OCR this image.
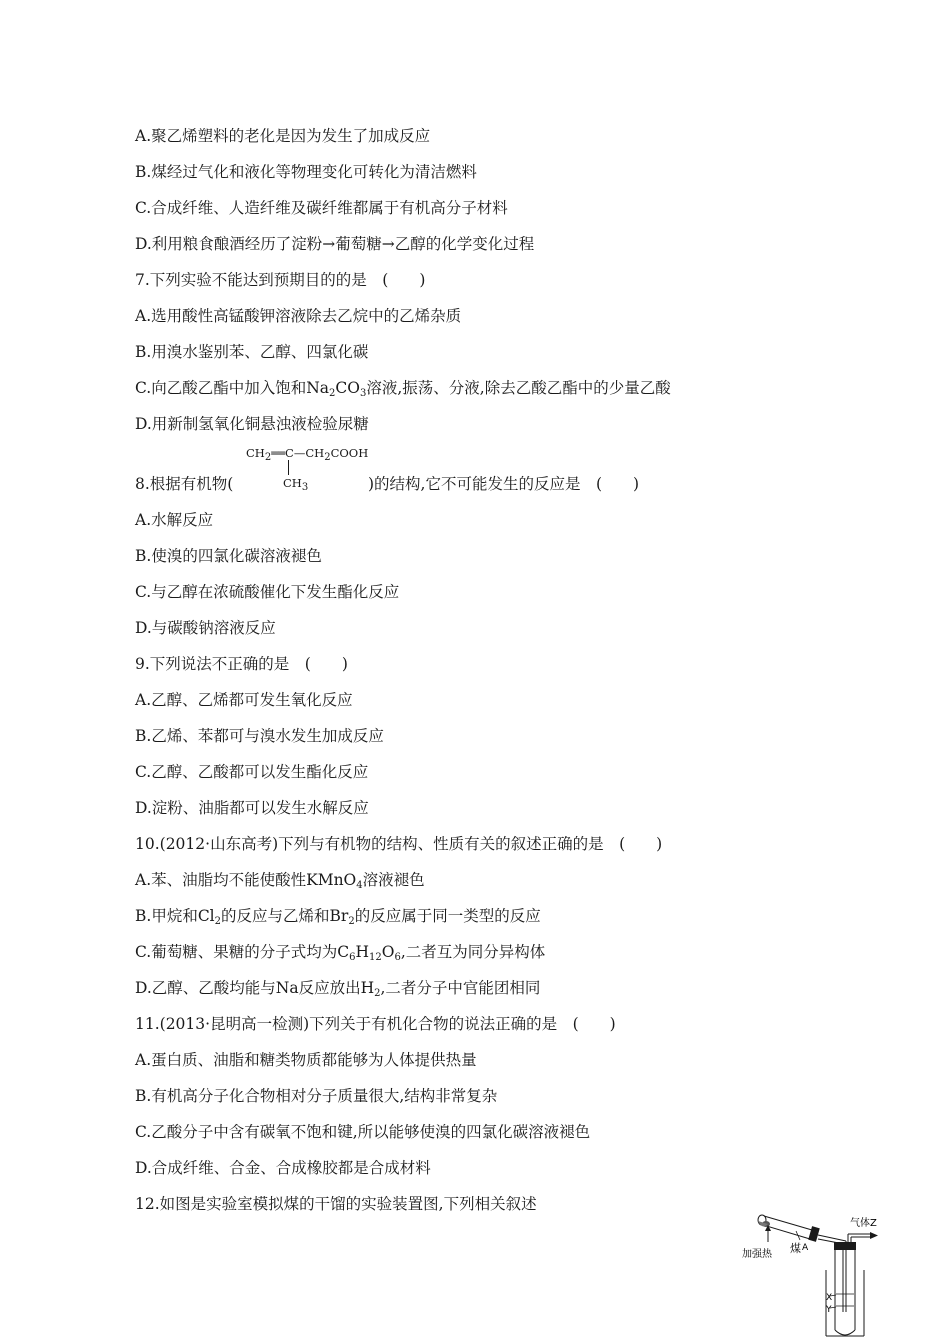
A.聚乙烯塑料的老化是因为发生了加成反应
B.煤经过气化和液化等物理变化可转化为清洁燃料
C.合成纤维、人造纤维及碳纤维都属于有机高分子材料
D.利用粮食酿酒经历了淀粉→葡萄糖→乙醇的化学变化过程
7.下列实验不能达到预期目的的是　(　　)
A.选用酸性高锰酸钾溶液除去乙烷中的乙烯杂质
B.用溴水鉴别苯、乙醇、四氯化碳
C.向乙酸乙酯中加入饱和$Na_2CO_3$溶液,振荡、分液,除去乙酸乙酯中的少量乙酸
D.用新制氢氧化铜悬浊液检验尿糖
$CH_2══C—CH_2COOH$
$CH_3$
8.根据有机物(	)的结构,它不可能发生的反应是　(　　)
A.水解反应
B.使溴的四氯化碳溶液褪色
C.与乙醇在浓硫酸催化下发生酯化反应
D.与碳酸钠溶液反应
9.下列说法不正确的是　(　　)
A.乙醇、乙烯都可发生氧化反应
B.乙烯、苯都可与溴水发生加成反应
C.乙醇、乙酸都可以发生酯化反应
D.淀粉、油脂都可以发生水解反应
10.(2012·山东高考)下列与有机物的结构、性质有关的叙述正确的是　(　　)
A.苯、油脂均不能使酸性KMnO$_4$溶液褪色
B.甲烷和$Cl_2$的反应与乙烯和$Br_2$的反应属于同一类型的反应
C.葡萄糖、果糖的分子式均为$C_6H_{12}O_6$,二者互为同分异构体
D.乙醇、乙酸均能与Na反应放出$H_2$,二者分子中官能团相同
11.(2013·昆明高一检测)下列关于有机化合物的说法正确的是　(　　)
A.蛋白质、油脂和糖类物质都能够为人体提供热量
B.有机高分子化合物相对分子质量很大,结构非常复杂
C.乙酸分子中含有碳氧不饱和键,所以能够使溴的四氯化碳溶液褪色
D.合成纤维、合金、合成橡胶都是合成材料
12.如图是实验室模拟煤的干馏的实验装置图,下列相关叙述
气体Z
煤 A
加强热
X
Y
